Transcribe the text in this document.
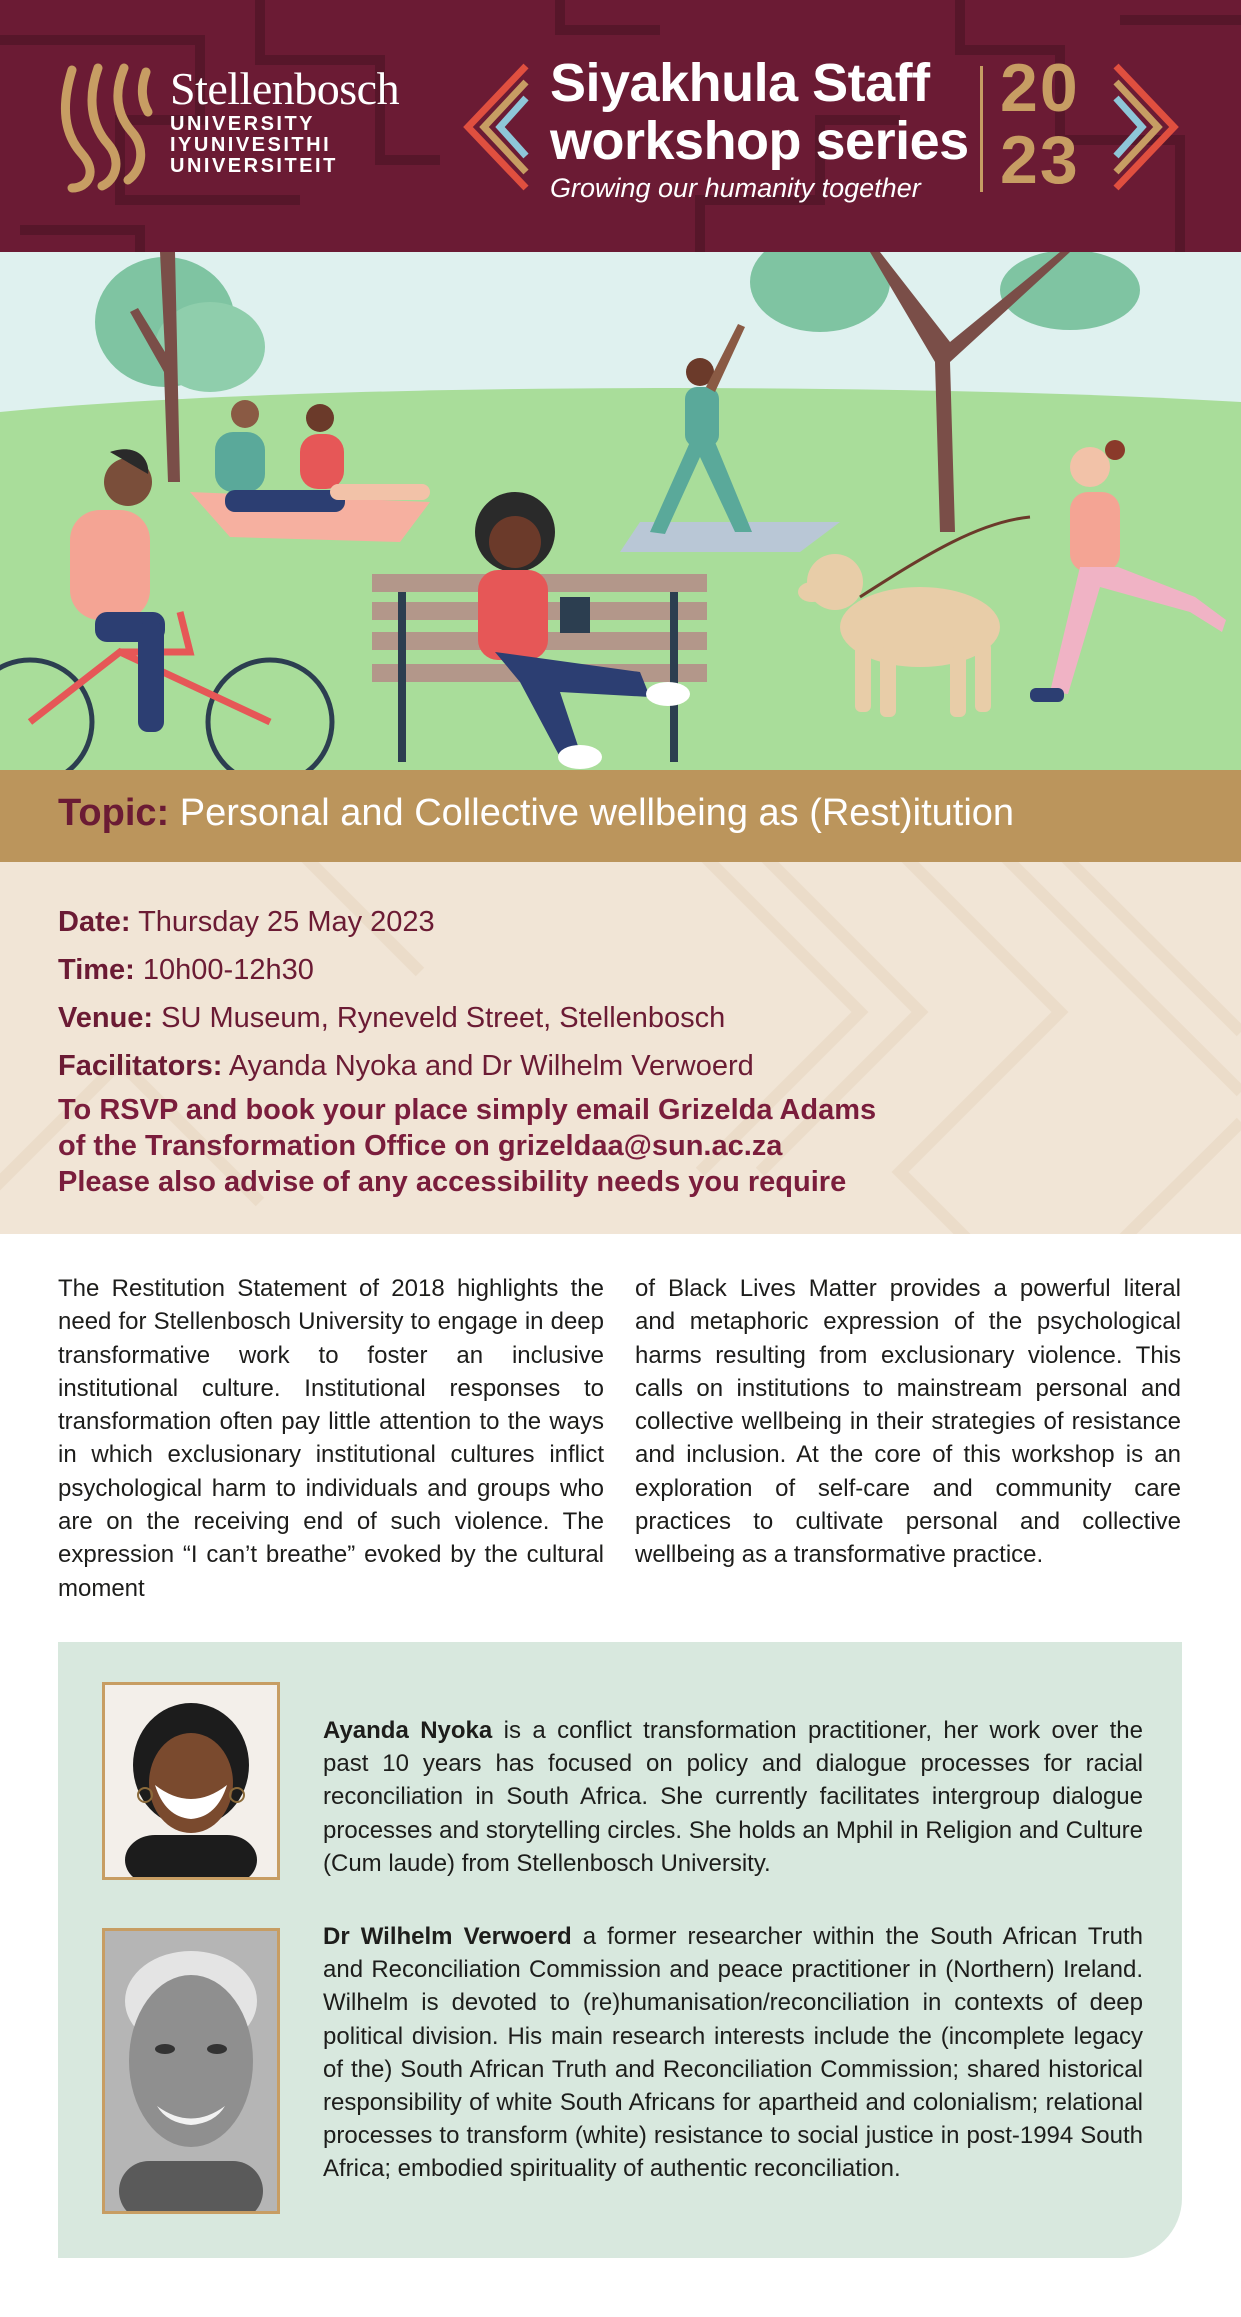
Stellenbosch
UNIVERSITY
IYUNIVESITHI
UNIVERSITEIT
Siyakhula Staff
workshop series
Growing our humanity together
20
23
Topic: Personal and Collective wellbeing as (Rest)itution
Date: Thursday 25 May 2023
Time: 10h00-12h30
Venue: SU Museum, Ryneveld Street, Stellenbosch
Facilitators: Ayanda Nyoka and Dr Wilhelm Verwoerd
To RSVP and book your place simply email Grizelda Adams
of the Transformation Office on grizeldaa@sun.ac.za
Please also advise of any accessibility needs you require
The Restitution Statement of 2018 highlights the need for Stellenbosch University to engage in deep transformative work to foster an inclusive institutional culture. Institutional responses to transformation often pay little attention to the ways in which exclusionary institutional cultures inflict psychological harm to individuals and groups who are on the receiving end of such violence. The expression “I can’t breathe” evoked by the cultural moment
of Black Lives Matter provides a powerful literal and metaphoric expression of the psychological harms resulting from exclusionary violence. This calls on institutions to mainstream personal and collective wellbeing in their strategies of resistance and inclusion. At the core of this workshop is an exploration of self-care and community care practices to cultivate personal and collective wellbeing as a transformative practice.
Ayanda Nyoka is a conflict transformation practitioner, her work over the past 10 years has focused on policy and dialogue processes for racial reconciliation in South Africa. She currently facilitates intergroup dialogue processes and storytelling circles. She holds an Mphil in Religion and Culture (Cum laude) from Stellenbosch University.
Dr Wilhelm Verwoerd a former researcher within the South African Truth and Reconciliation Commission and peace practitioner in (Northern) Ireland. Wilhelm is devoted to (re)humanisation/reconciliation in contexts of deep political division. His main research interests include the (incomplete legacy of the) South African Truth and Reconciliation Commission; shared historical responsibility of white South Africans for apartheid and colonialism; relational processes to transform (white) resistance to social justice in post-1994 South Africa; embodied spirituality of authentic reconciliation.
